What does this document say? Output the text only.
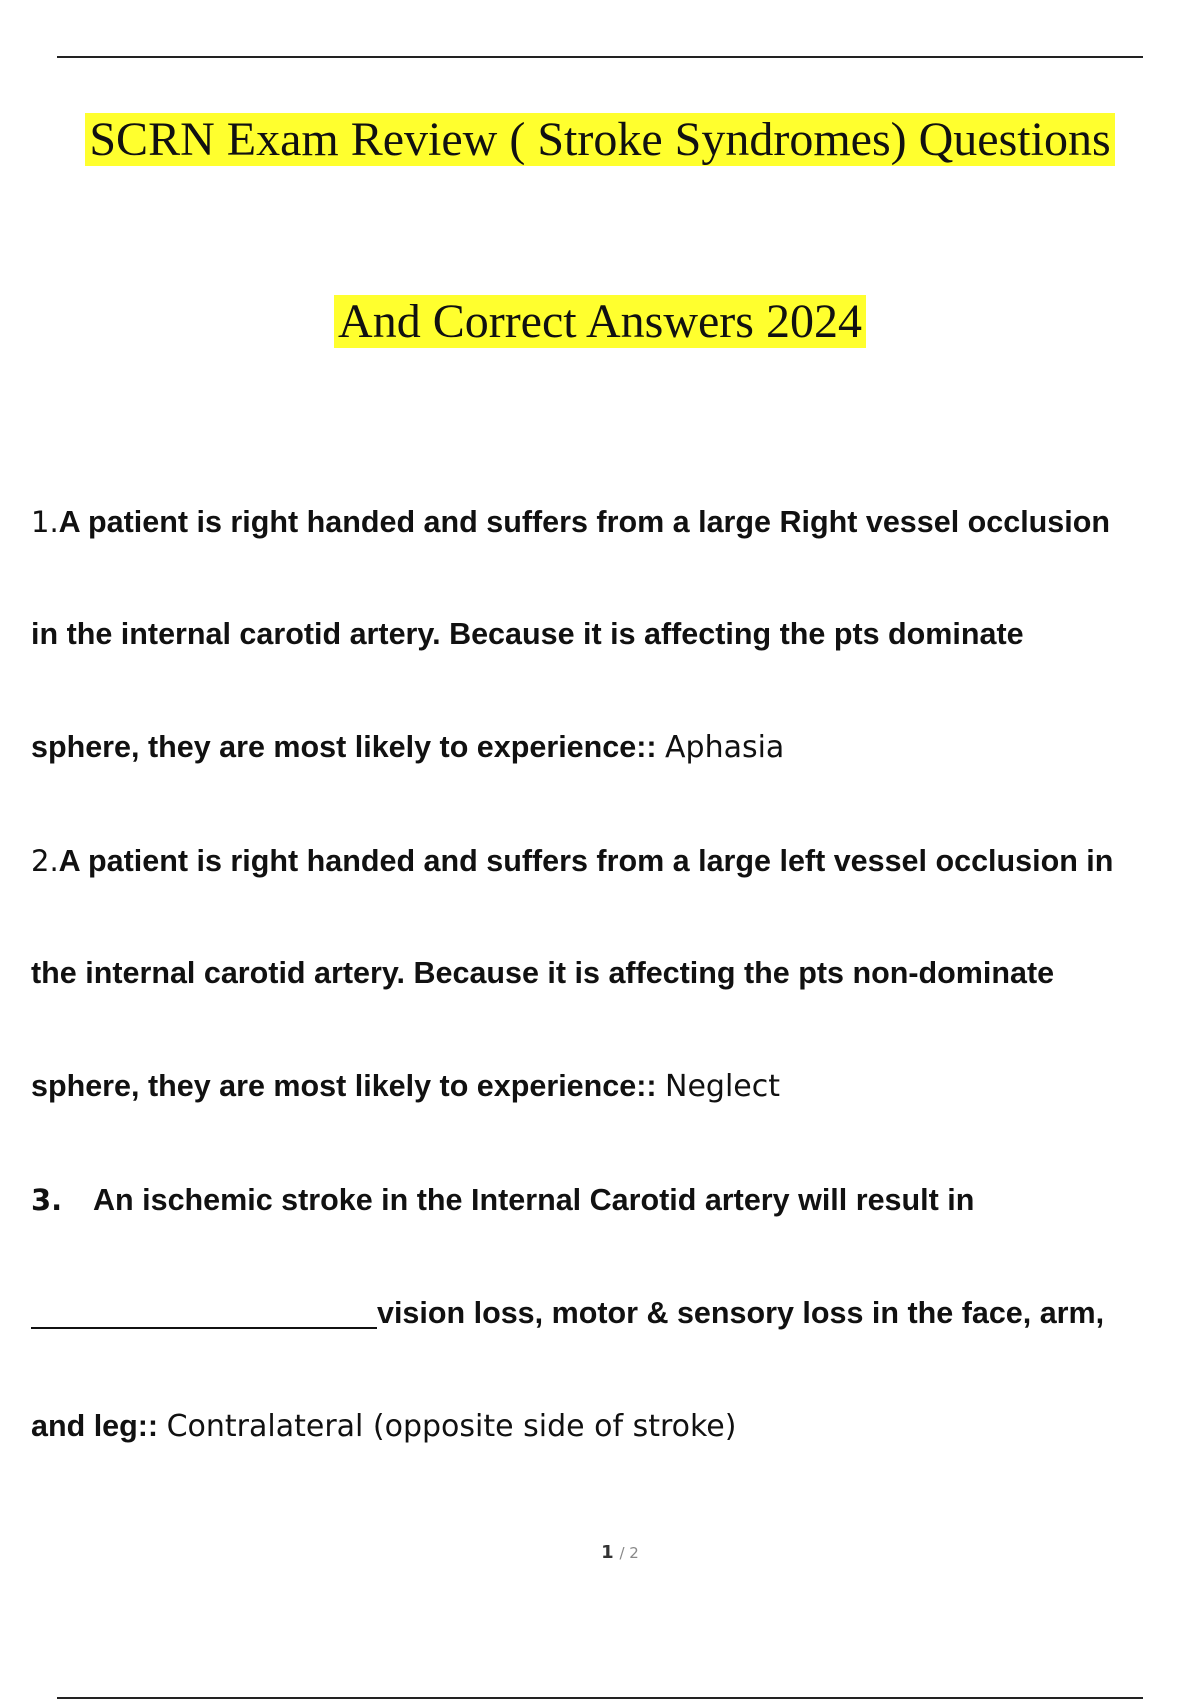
SCRN Exam Review ( Stroke Syndromes) Questions
And Correct Answers 2024
1.A patient is right handed and suffers from a large Right vessel occlusion
in the internal carotid artery. Because it is affecting the pts dominate
sphere, they are most likely to experience:: Aphasia
2.A patient is right handed and suffers from a large left vessel occlusion in
the internal carotid artery. Because it is affecting the pts non-dominate
sphere, they are most likely to experience:: Neglect
3. An ischemic stroke in the Internal Carotid artery will result in
vision loss, motor & sensory loss in the face, arm,
and leg:: Contralateral (opposite side of stroke)
1 / 2
